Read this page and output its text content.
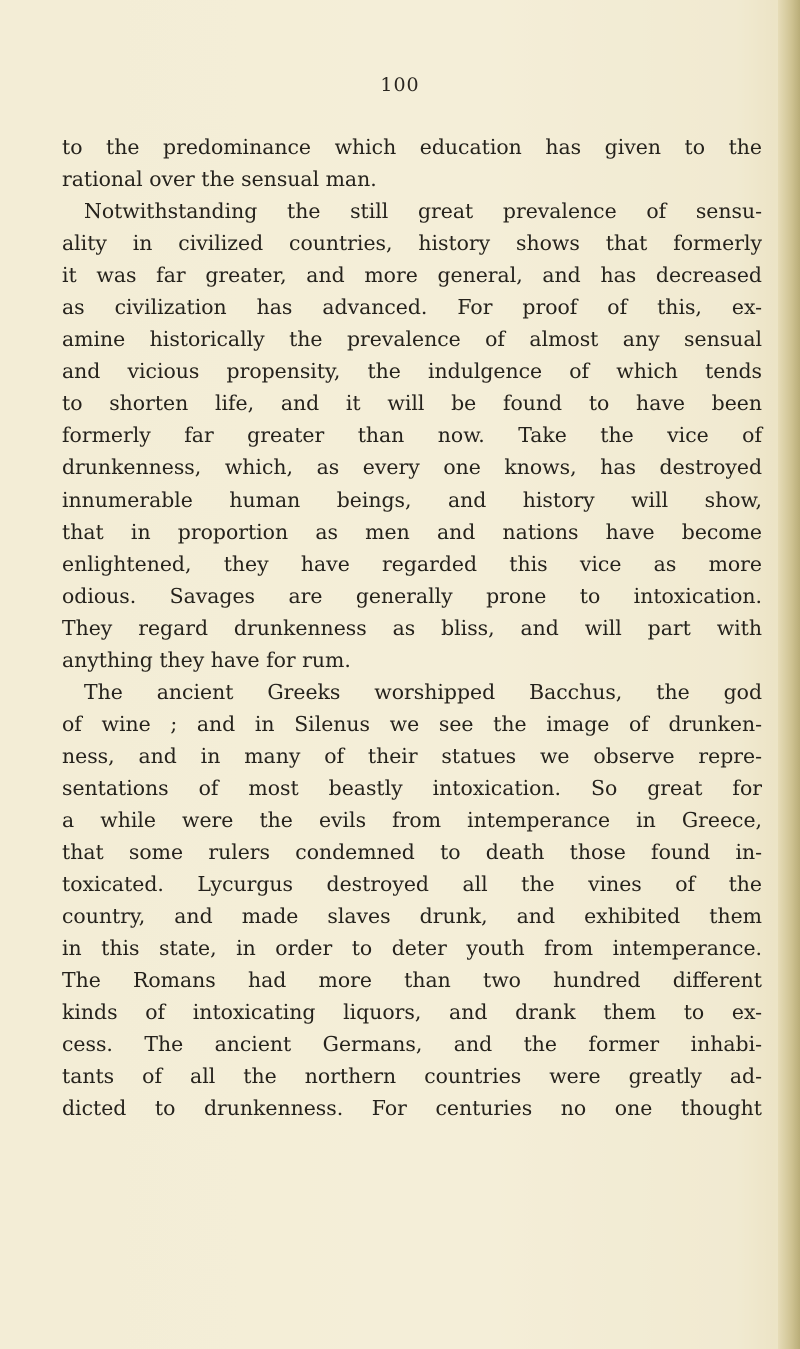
100
to the predominance which education has given to the
rational over the sensual man.
Notwithstanding the still great prevalence of sensu-
ality in civilized countries, history shows that formerly
it was far greater, and more general, and has decreased
as civilization has advanced. For proof of this, ex-
amine historically the prevalence of almost any sensual
and vicious propensity, the indulgence of which tends
to shorten life, and it will be found to have been
formerly far greater than now. Take the vice of
drunkenness, which, as every one knows, has destroyed
innumerable human beings, and history will show,
that in proportion as men and nations have become
enlightened, they have regarded this vice as more
odious. Savages are generally prone to intoxication.
They regard drunkenness as bliss, and will part with
anything they have for rum.
The ancient Greeks worshipped Bacchus, the god
of wine ; and in Silenus we see the image of drunken-
ness, and in many of their statues we observe repre-
sentations of most beastly intoxication. So great for
a while were the evils from intemperance in Greece,
that some rulers condemned to death those found in-
toxicated. Lycurgus destroyed all the vines of the
country, and made slaves drunk, and exhibited them
in this state, in order to deter youth from intemperance.
The Romans had more than two hundred different
kinds of intoxicating liquors, and drank them to ex-
cess. The ancient Germans, and the former inhabi-
tants of all the northern countries were greatly ad-
dicted to drunkenness. For centuries no one thought
